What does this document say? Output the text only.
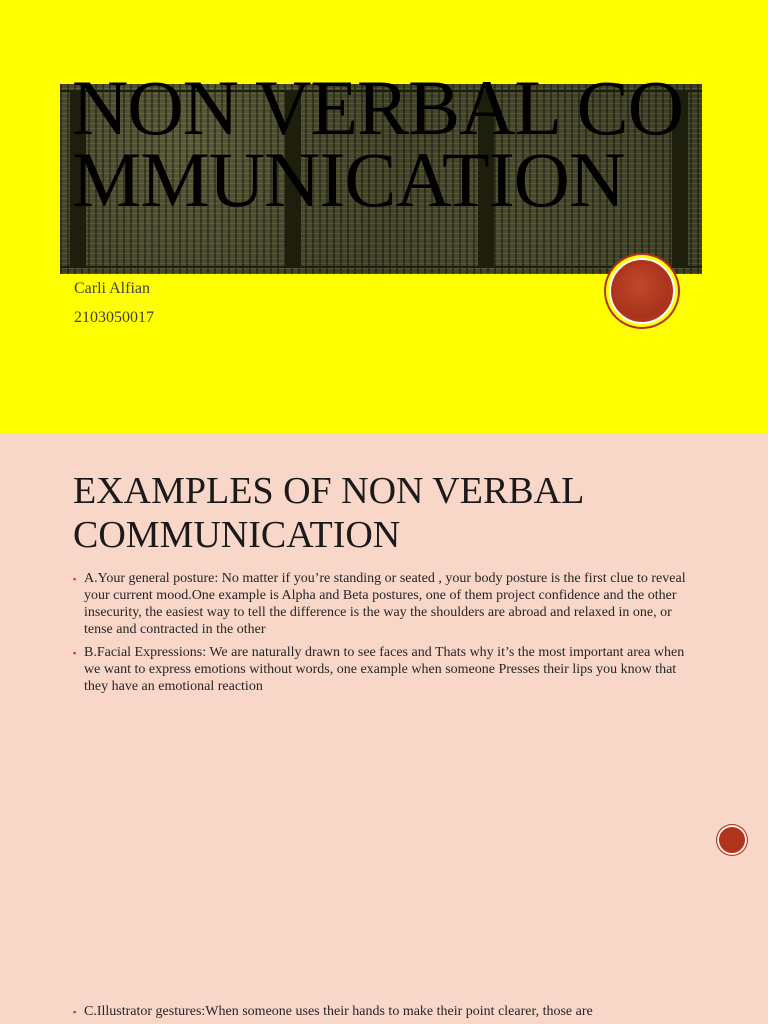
NON VERBAL COMMUNICATION
Carli Alfian
2103050017
EXAMPLES OF NON VERBAL COMMUNICATION
▪ A.Your general posture: No matter if you’re standing or seated , your body posture is the first clue to reveal your current mood.One example is Alpha and Beta postures, one of them project confidence and the other insecurity, the easiest way to tell the difference is the way the shoulders are abroad and relaxed in one, or tense and contracted in the other
▪ B.Facial Expressions: We are naturally drawn to see faces and Thats why it’s the most important area when we want to express emotions without words, one example when someone Presses their lips you know that they have an emotional reaction
▪ C.Illustrator gestures:When someone uses their hands to make their point clearer, those are
